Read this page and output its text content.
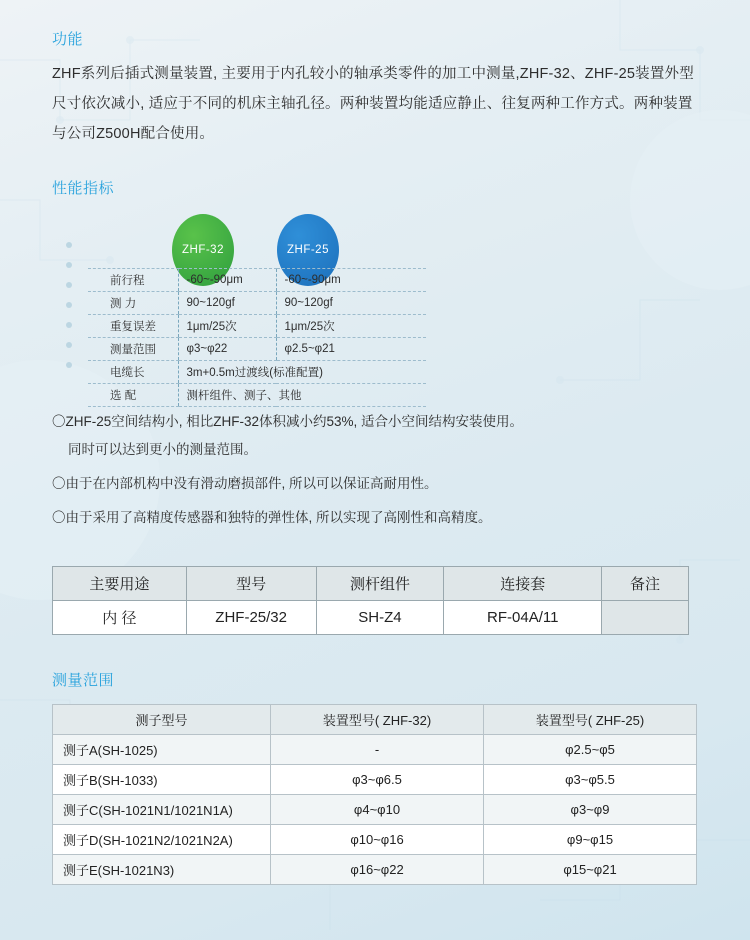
功能

ZHF系列后插式测量装置, 主要用于内孔较小的轴承类零件的加工中测量,ZHF-32、ZHF-25装置外型尺寸依次减小, 适应于不同的机床主轴孔径。两种装置均能适应静止、往复两种工作方式。两种装置与公司Z500H配合使用。

性能指标
ZHF-32	ZHF-25
前行程	-60~-90μm	-60~-90μm
测 力	90~120gf	90~120gf
重复误差	1μm/25次	1μm/25次
测量范围	φ3~φ22	φ2.5~φ21
电缆长	3m+0.5m过渡线(标准配置)	
选 配	测杆组件、测子、其他	

〇ZHF-25空间结构小, 相比ZHF-32体积减小约53%, 适合小空间结构安装使用。
同时可以达到更小的测量范围。

〇由于在内部机构中没有滑动磨损部件, 所以可以保证高耐用性。

〇由于采用了高精度传感器和独特的弹性体, 所以实现了高刚性和高精度。

主要用途	型号	测杆组件	连接套	备注
内 径	ZHF-25/32	SH-Z4	RF-04A/11	
测量范围
测子型号	装置型号( ZHF-32)	装置型号( ZHF-25)
测子A(SH-1025)	-	φ2.5~φ5
测子B(SH-1033)	φ3~φ6.5	φ3~φ5.5
测子C(SH-1021N1/1021N1A)	φ4~φ10	φ3~φ9
测子D(SH-1021N2/1021N2A)	φ10~φ16	φ9~φ15
测子E(SH-1021N3)	φ16~φ22	φ15~φ21
